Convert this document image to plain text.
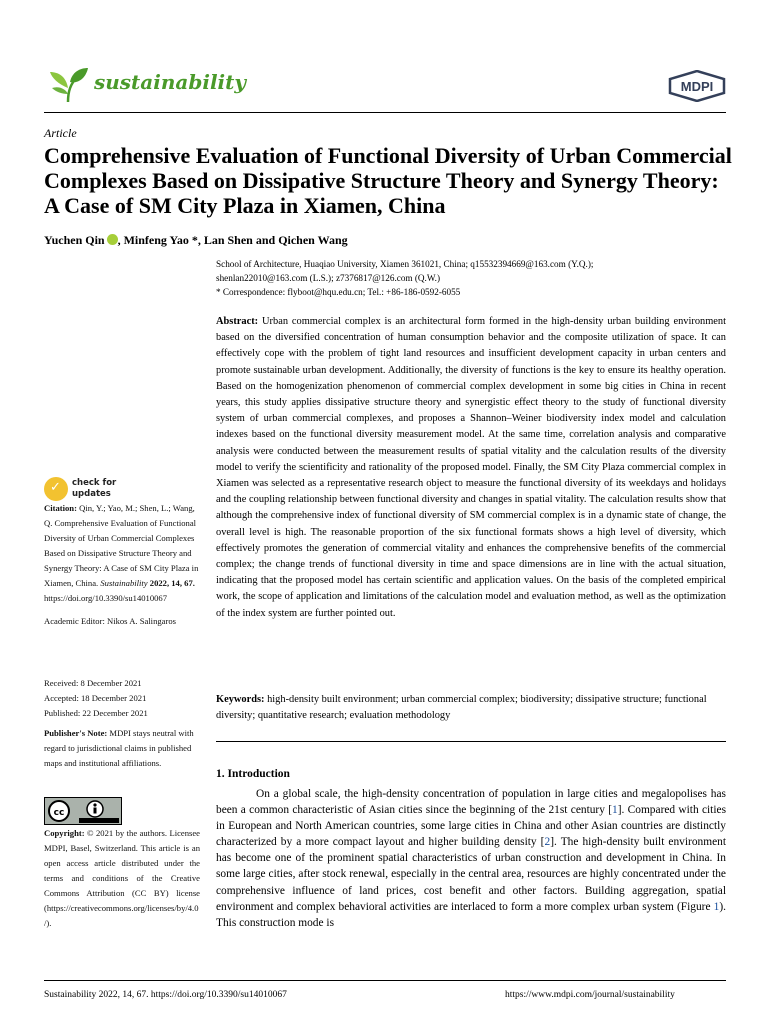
sustainability	MDPI
Article
Comprehensive Evaluation of Functional Diversity of Urban Commercial Complexes Based on Dissipative Structure Theory and Synergy Theory: A Case of SM City Plaza in Xiamen, China
Yuchen Qin , Minfeng Yao *, Lan Shen and Qichen Wang
School of Architecture, Huaqiao University, Xiamen 361021, China; q15532394669@163.com (Y.Q.);
shenlan22010@163.com (L.S.); z7376817@126.com (Q.W.)
* Correspondence: flyboot@hqu.edu.cn; Tel.: +86-186-0592-6055
Abstract: Urban commercial complex is an architectural form formed in the high-density urban building environment based on the diversified concentration of human consumption behavior and the composite utilization of space. It can effectively cope with the problem of tight land resources and insufficient development capacity in urban centers and promote sustainable urban development. Additionally, the diversity of functions is the key to ensure its healthy operation. Based on the homogenization phenomenon of commercial complex development in some big cities in China in recent years, this study applies dissipative structure theory and synergistic effect theory to the study of functional diversity system of urban commercial complexes, and proposes a Shannon–Weiner biodiversity index model and calculation indexes based on the functional diversity measurement model. At the same time, correlation analysis and comparative analysis were conducted between the measurement results of spatial vitality and the calculation results of the diversity model to verify the scientificity and rationality of the proposed model. Finally, the SM City Plaza commercial complex in Xiamen was selected as a representative research object to measure the functional diversity of its weekdays and holidays and the coupling relationship between functional diversity and changes in spatial vitality. The calculation results show that although the comprehensive index of functional diversity of SM commercial complex is in a dynamic state of change, the overall level is high. The reasonable proportion of the six functional formats shows a high level of diversity, which effectively promotes the generation of commercial vitality and enhances the comprehensive benefits of the commercial complex; the change trends of functional diversity in time and space dimensions are in line with the actual situation, indicating that the proposed model has certain scientific and application values. On the basis of the completed empirical work, the scope of application and limitations of the calculation model and evaluation method, as well as the optimization of the index system are further pointed out.
Keywords: high-density built environment; urban commercial complex; biodiversity; dissipative structure; functional diversity; quantitative research; evaluation methodology
✓ check for
updates
Citation: Qin, Y.; Yao, M.; Shen, L.; Wang, Q. Comprehensive Evaluation of Functional Diversity of Urban Commercial Complexes Based on Dissipative Structure Theory and Synergy Theory: A Case of SM City Plaza in Xiamen, China. Sustainability 2022, 14, 67. https://doi.org/10.3390/su14010067
Academic Editor: Nikos A. Salingaros
Received: 8 December 2021
Accepted: 18 December 2021
Published: 22 December 2021
Publisher's Note: MDPI stays neutral with regard to jurisdictional claims in published maps and institutional affiliations.
cc
Copyright: © 2021 by the authors. Licensee MDPI, Basel, Switzerland. This article is an open access article distributed under the terms and conditions of the Creative Commons Attribution (CC BY) license (https://creativecommons.org/licenses/by/4.0/).
1. Introduction
On a global scale, the high-density concentration of population in large cities and megalopolises has been a common characteristic of Asian cities since the beginning of the 21st century [1]. Compared with cities in European and North American countries, some large cities in China and other Asian countries are distinctly characterized by a more compact layout and higher building density [2]. The high-density built environment has become one of the prominent spatial characteristics of urban construction and development in China. In some large cities, after stock renewal, especially in the central area, resources are highly concentrated under the comprehensive influence of land prices, cost benefit and other factors. Building aggregation, spatial environment and complex behavioral activities are interlaced to form a more complex urban system (Figure 1). This construction mode is
Sustainability 2022, 14, 67. https://doi.org/10.3390/su14010067	https://www.mdpi.com/journal/sustainability
